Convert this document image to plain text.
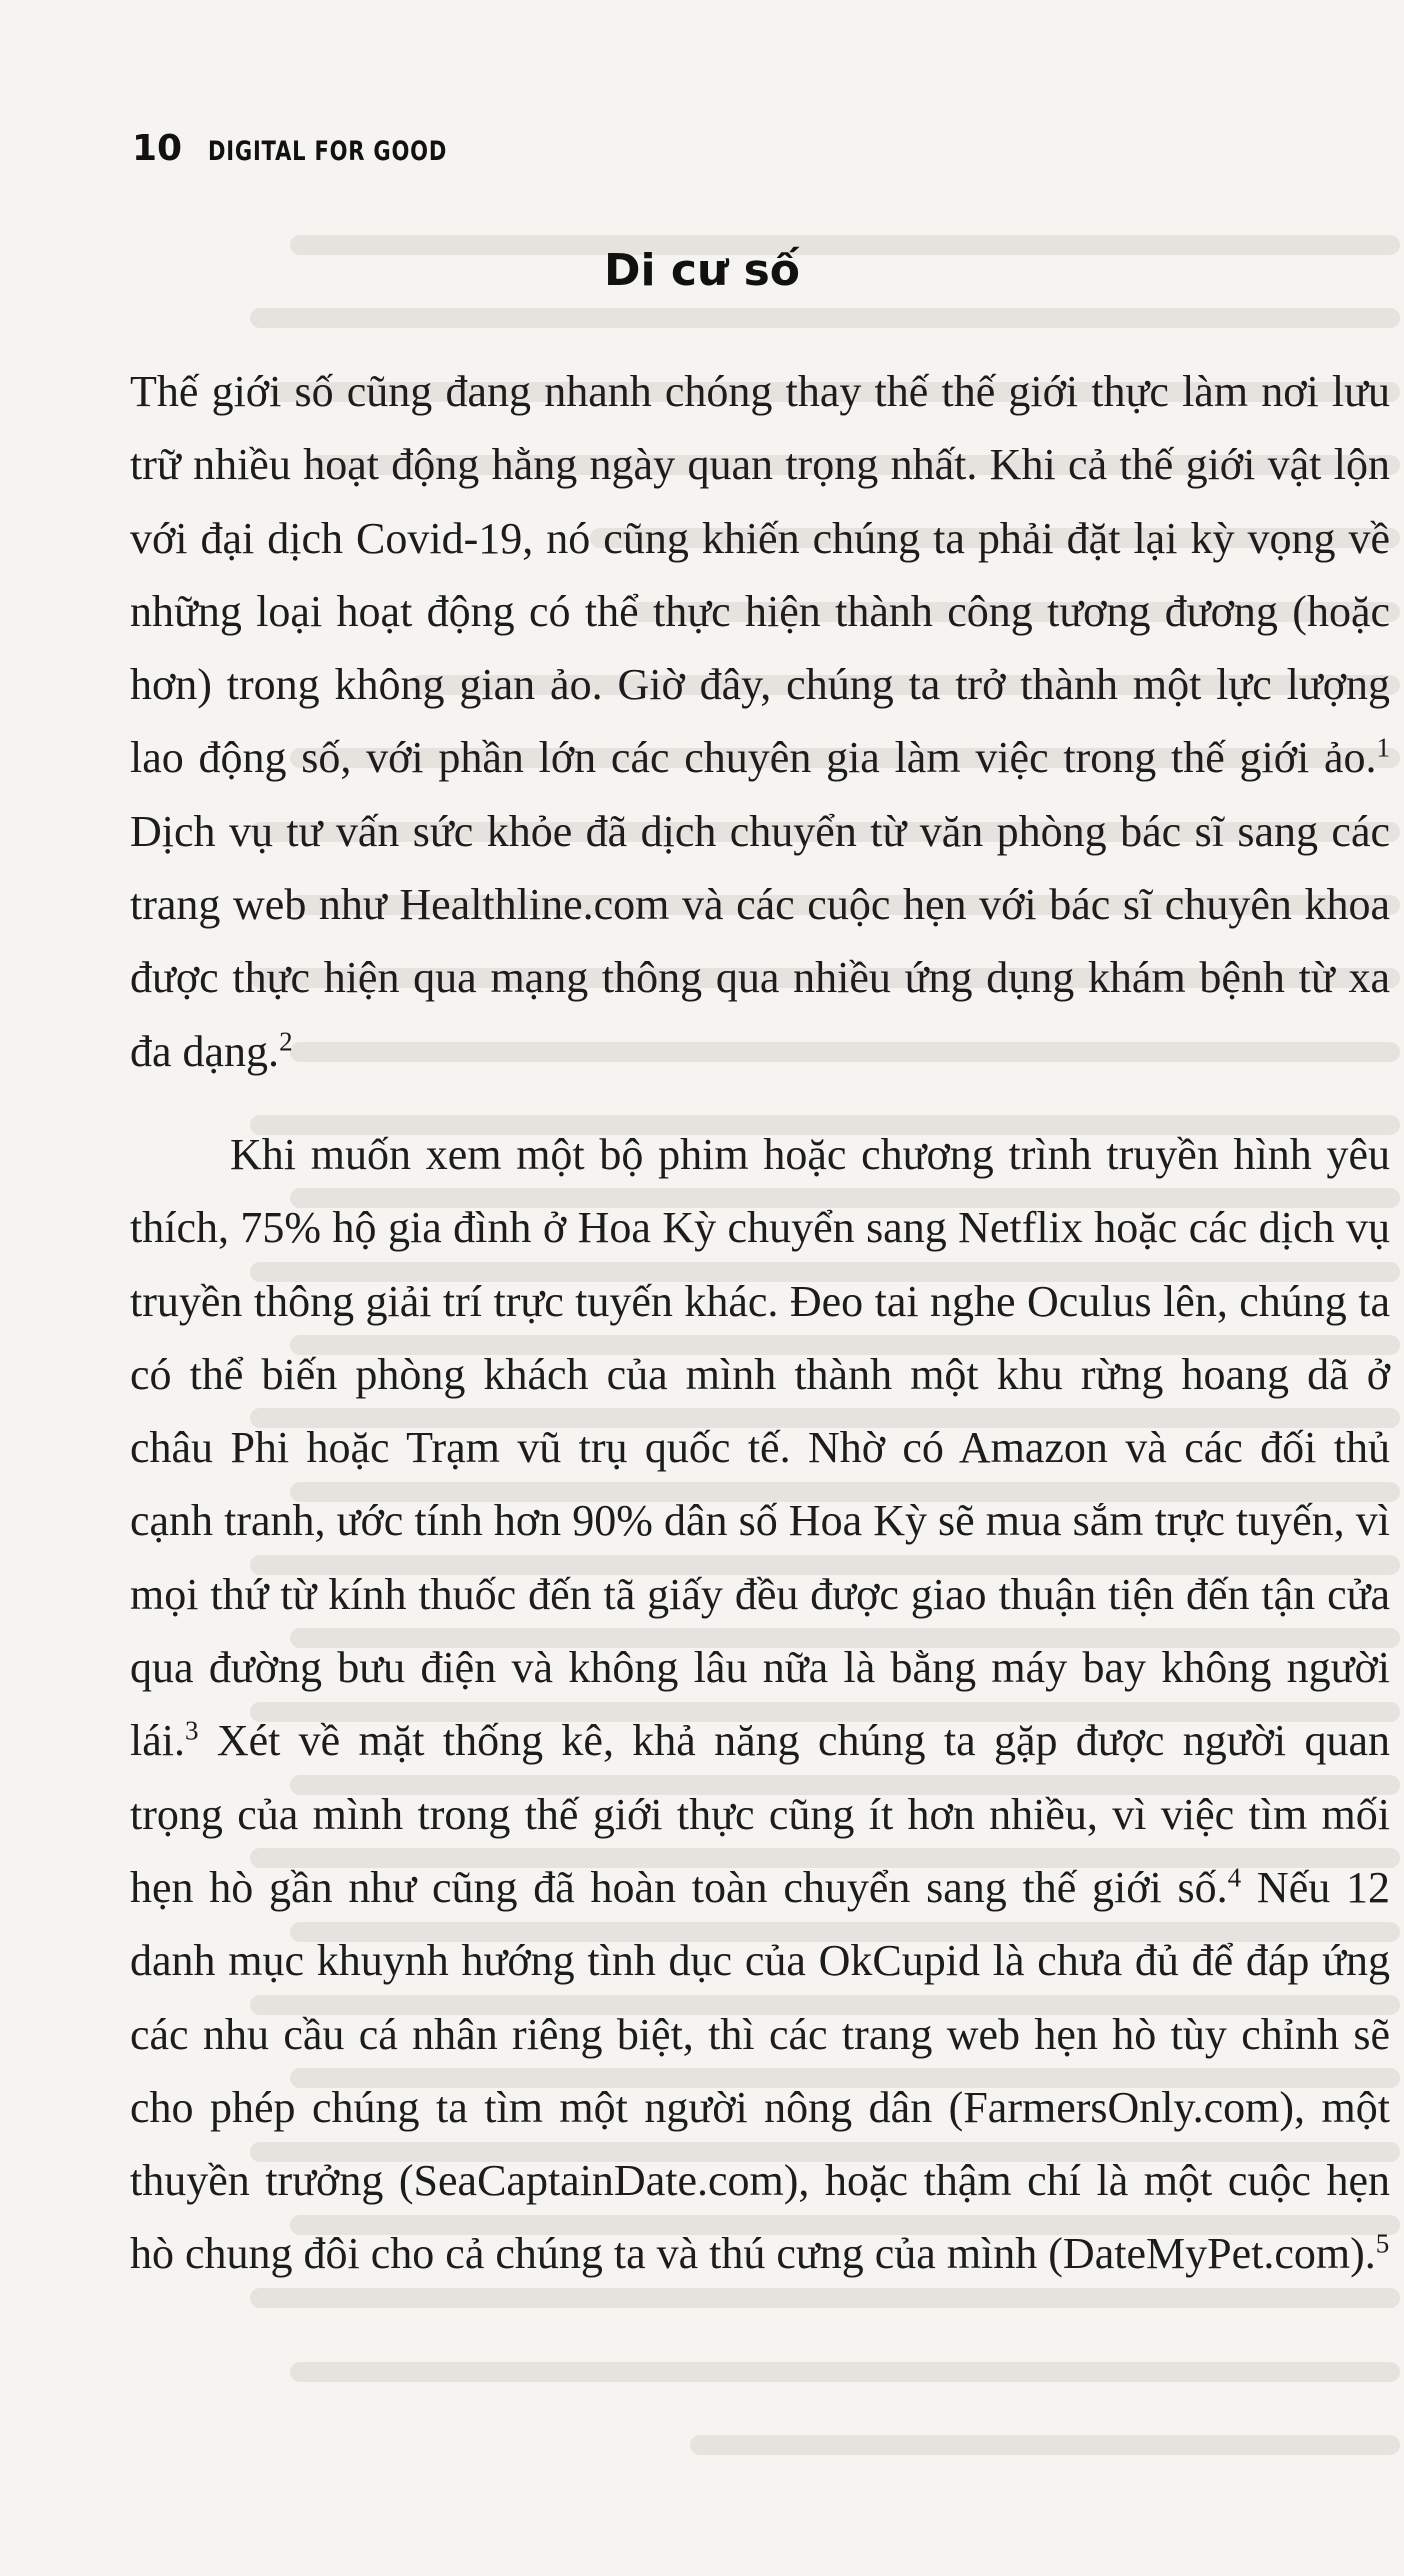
10 DIGITAL FOR GOOD
Di cư số

Thế giới số cũng đang nhanh chóng thay thế thế giới thực làm nơi lưu trữ nhiều hoạt động hằng ngày quan trọng nhất. Khi cả thế giới vật lộn với đại dịch Covid-19, nó cũng khiến chúng ta phải đặt lại kỳ vọng về những loại hoạt động có thể thực hiện thành công tương đương (hoặc hơn) trong không gian ảo. Giờ đây, chúng ta trở thành một lực lượng lao động số, với phần lớn các chuyên gia làm việc trong thế giới ảo.$^1$ Dịch vụ tư vấn sức khỏe đã dịch chuyển từ văn phòng bác sĩ sang các trang web như Healthline.com và các cuộc hẹn với bác sĩ chuyên khoa được thực hiện qua mạng thông qua nhiều ứng dụng khám bệnh từ xa đa dạng.$^2$

Khi muốn xem một bộ phim hoặc chương trình truyền hình yêu thích, 75% hộ gia đình ở Hoa Kỳ chuyển sang Netflix hoặc các dịch vụ truyền thông giải trí trực tuyến khác. Đeo tai nghe Oculus lên, chúng ta có thể biến phòng khách của mình thành một khu rừng hoang dã ở châu Phi hoặc Trạm vũ trụ quốc tế. Nhờ có Amazon và các đối thủ cạnh tranh, ước tính hơn 90% dân số Hoa Kỳ sẽ mua sắm trực tuyến, vì mọi thứ từ kính thuốc đến tã giấy đều được giao thuận tiện đến tận cửa qua đường bưu điện và không lâu nữa là bằng máy bay không người lái.$^3$ Xét về mặt thống kê, khả năng chúng ta gặp được người quan trọng của mình trong thế giới thực cũng ít hơn nhiều, vì việc tìm mối hẹn hò gần như cũng đã hoàn toàn chuyển sang thế giới số.$^4$ Nếu 12 danh mục khuynh hướng tình dục của OkCupid là chưa đủ để đáp ứng các nhu cầu cá nhân riêng biệt, thì các trang web hẹn hò tùy chỉnh sẽ cho phép chúng ta tìm một người nông dân (FarmersOnly.com), một thuyền trưởng (SeaCaptainDate.com), hoặc thậm chí là một cuộc hẹn hò chung đôi cho cả chúng ta và thú cưng của mình (DateMyPet.com).$^5$
